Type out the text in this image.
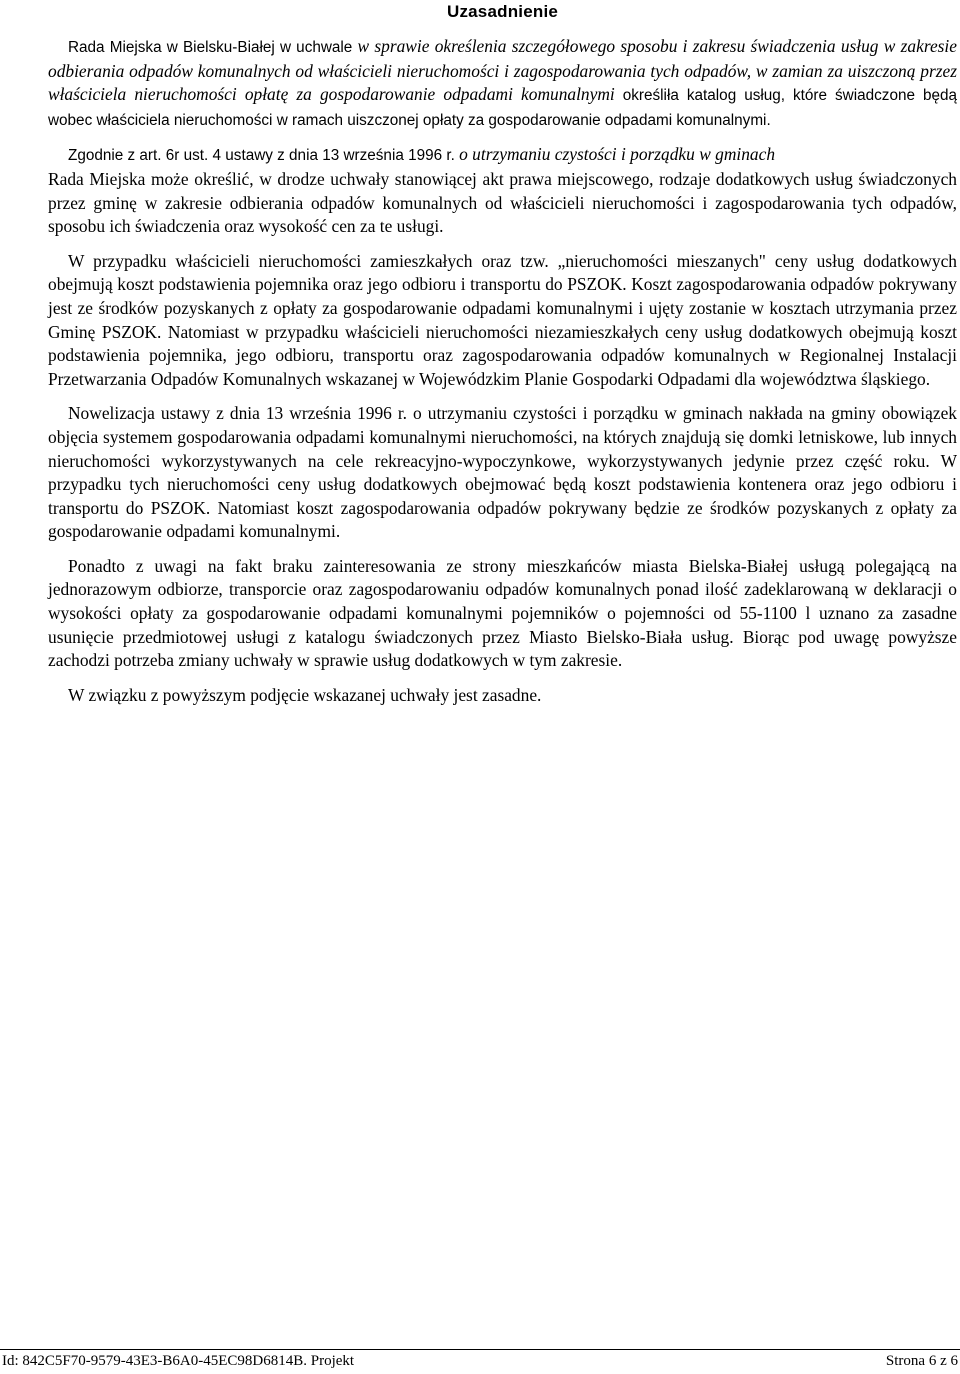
Uzasadnienie

Rada Miejska w Bielsku-Białej w uchwale w sprawie określenia szczegółowego sposobu i zakresu świadczenia usług w zakresie odbierania odpadów komunalnych od właścicieli nieruchomości i zagospodarowania tych odpadów, w zamian za uiszczoną przez właściciela nieruchomości opłatę za gospodarowanie odpadami komunalnymi określiła katalog usług, które świadczone będą wobec właściciela nieruchomości w ramach uiszczonej opłaty za gospodarowanie odpadami komunalnymi.

Zgodnie z art. 6r ust. 4 ustawy z dnia 13 września 1996 r. o utrzymaniu czystości i porządku w gminach

Rada Miejska może określić, w drodze uchwały stanowiącej akt prawa miejscowego, rodzaje dodatkowych usług świadczonych przez gminę w zakresie odbierania odpadów komunalnych od właścicieli nieruchomości i zagospodarowania tych odpadów, sposobu ich świadczenia oraz wysokość cen za te usługi.

W przypadku właścicieli nieruchomości zamieszkałych oraz tzw. „nieruchomości mieszanych" ceny usług dodatkowych obejmują koszt podstawienia pojemnika oraz jego odbioru i transportu do PSZOK. Koszt zagospodarowania odpadów pokrywany jest ze środków pozyskanych z opłaty za gospodarowanie odpadami komunalnymi i ujęty zostanie w kosztach utrzymania przez Gminę PSZOK. Natomiast w przypadku właścicieli nieruchomości niezamieszkałych ceny usług dodatkowych obejmują koszt podstawienia pojemnika, jego odbioru, transportu oraz zagospodarowania odpadów komunalnych w Regionalnej Instalacji Przetwarzania Odpadów Komunalnych wskazanej w Wojewódzkim Planie Gospodarki Odpadami dla województwa śląskiego.

Nowelizacja ustawy z dnia 13 września 1996 r. o utrzymaniu czystości i porządku w gminach nakłada na gminy obowiązek objęcia systemem gospodarowania odpadami komunalnymi nieruchomości, na których znajdują się domki letniskowe, lub innych nieruchomości wykorzystywanych na cele rekreacyjno-wypoczynkowe, wykorzystywanych jedynie przez część roku. W przypadku tych nieruchomości ceny usług dodatkowych obejmować będą koszt podstawienia kontenera oraz jego odbioru i transportu do PSZOK. Natomiast koszt zagospodarowania odpadów pokrywany będzie ze środków pozyskanych z opłaty za gospodarowanie odpadami komunalnymi.

Ponadto z uwagi na fakt braku zainteresowania ze strony mieszkańców miasta Bielska-Białej usługą polegającą na jednorazowym odbiorze, transporcie oraz zagospodarowaniu odpadów komunalnych ponad ilość zadeklarowaną w deklaracji o wysokości opłaty za gospodarowanie odpadami komunalnymi pojemników o pojemności od 55-1100 l uznano za zasadne usunięcie przedmiotowej usługi z katalogu świadczonych przez Miasto Bielsko-Biała usług. Biorąc pod uwagę powyższe zachodzi potrzeba zmiany uchwały w sprawie usług dodatkowych w tym zakresie.

W związku z powyższym podjęcie wskazanej uchwały jest zasadne.

Id: 842C5F70-9579-43E3-B6A0-45EC98D6814B. Projekt	Strona 6 z 6
